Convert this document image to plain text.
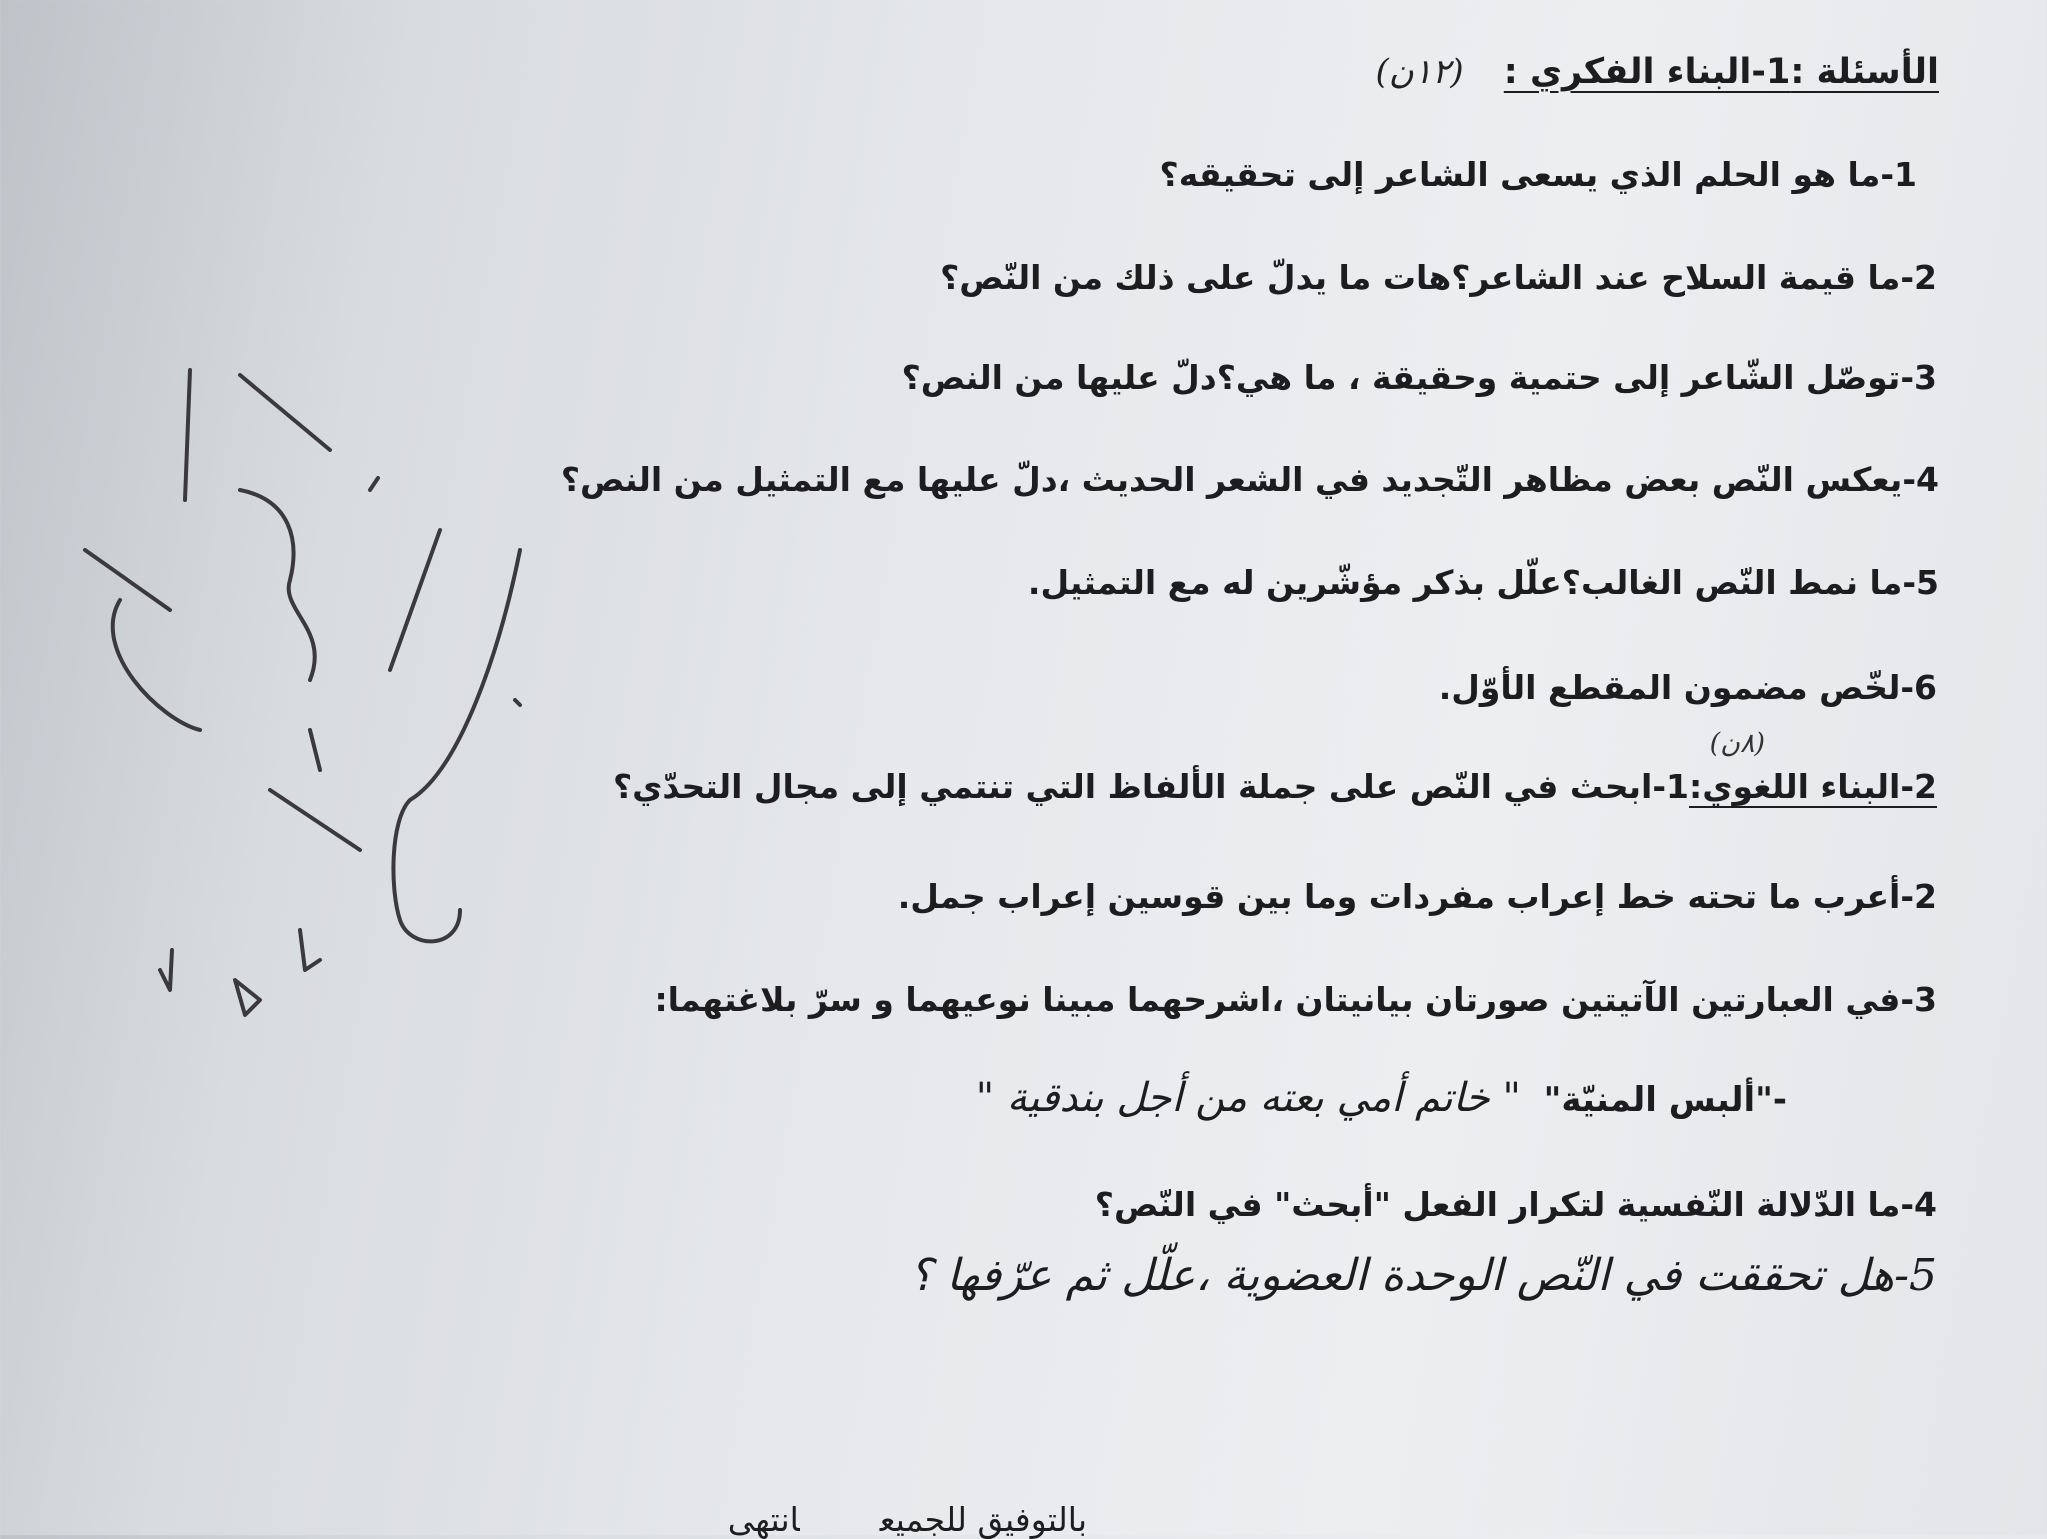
الأسئلة :1-البناء الفكري : (١٢ن)
1-ما هو الحلم الذي يسعى الشاعر إلى تحقيقه؟
2-ما قيمة السلاح عند الشاعر؟هات ما يدلّ على ذلك من النّص؟
3-توصّل الشّاعر إلى حتمية وحقيقة ، ما هي؟دلّ عليها من النص؟
4-يعكس النّص بعض مظاهر التّجديد في الشعر الحديث ،دلّ عليها مع التمثيل من النص؟
5-ما نمط النّص الغالب؟علّل بذكر مؤشّرين له مع التمثيل.
6-لخّص مضمون المقطع الأوّل.
(٨ن)
2-البناء اللغوي:1-ابحث في النّص على جملة الألفاظ التي تنتمي إلى مجال التحدّي؟
2-أعرب ما تحته خط إعراب مفردات وما بين قوسين إعراب جمل.
3-في العبارتين الآتيتين صورتان بيانيتان ،اشرحهما مبينا نوعيهما و سرّ بلاغتهما:
-"ألبس المنيّة" " خاتم أمي بعته من أجل بندقية "
4-ما الدّلالة النّفسية لتكرار الفعل "أبحث" في النّص؟
5-هل تحققت في النّص الوحدة العضوية ،علّل ثم عرّفها ؟
بالتوفيق للجميعانتهى
